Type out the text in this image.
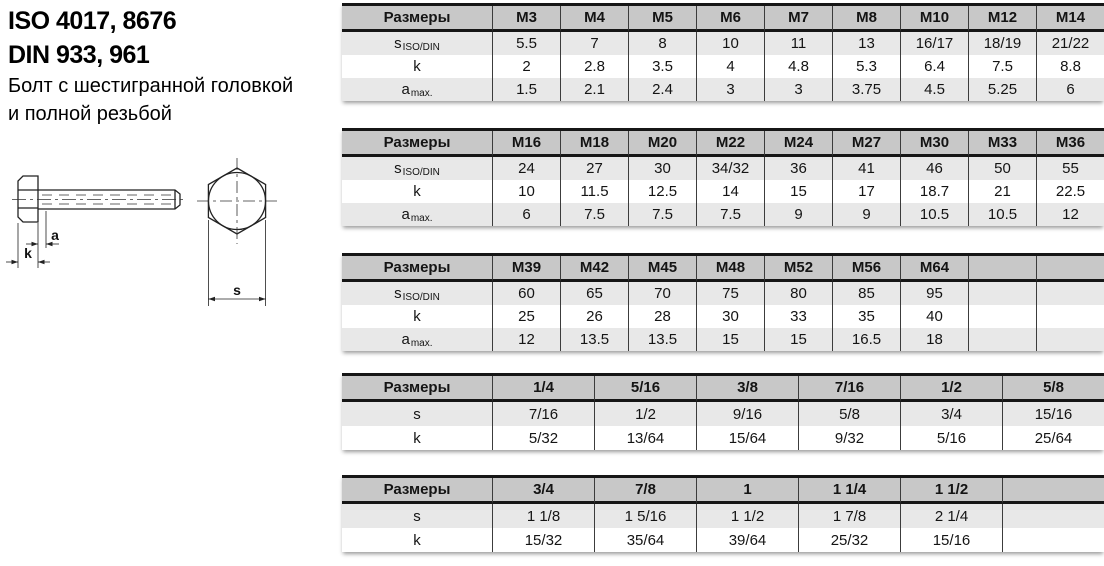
ISO 4017, 8676
DIN 933, 961
Болт с шестигранной головкой
и полной резьбой
a
k
s
Размеры	M3	M4	M5	M6	M7	M8	M10	M12	M14
s ISO/DIN	5.5	7	8	10	11	13	16/17	18/19	21/22
k	2	2.8	3.5	4	4.8	5.3	6.4	7.5	8.8
a max.	1.5	2.1	2.4	3	3	3.75	4.5	5.25	6
Размеры	M16	M18	M20	M22	M24	M27	M30	M33	M36
s ISO/DIN	24	27	30	34/32	36	41	46	50	55
k	10	11.5	12.5	14	15	17	18.7	21	22.5
a max.	6	7.5	7.5	7.5	9	9	10.5	10.5	12
Размеры	M39	M42	M45	M48	M52	M56	M64
s ISO/DIN	60	65	70	75	80	85	95
k	25	26	28	30	33	35	40
a max.	12	13.5	13.5	15	15	16.5	18
Размеры	1/4	5/16	3/8	7/16	1/2	5/8
s	7/16	1/2	9/16	5/8	3/4	15/16
k	5/32	13/64	15/64	9/32	5/16	25/64
Размеры	3/4	7/8	1	1 1/4	1 1/2
s	1 1/8	1 5/16	1 1/2	1 7/8	2 1/4
k	15/32	35/64	39/64	25/32	15/16
